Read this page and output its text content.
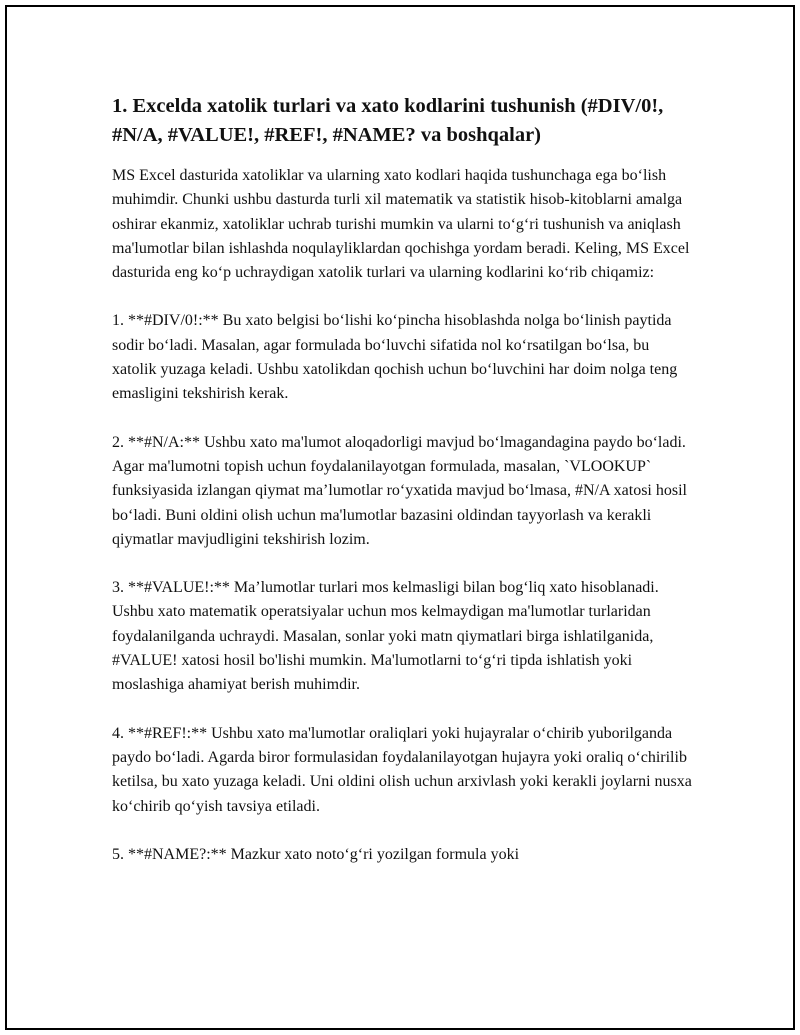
1. Excelda xatolik turlari va xato kodlarini tushunish (#DIV/0!, #N/A, #VALUE!, #REF!, #NAME? va boshqalar)

MS Excel dasturida xatoliklar va ularning xato kodlari haqida tushunchaga ega bo‘lish muhimdir. Chunki ushbu dasturda turli xil matematik va statistik hisob-kitoblarni amalga oshirar ekanmiz, xatoliklar uchrab turishi mumkin va ularni to‘g‘ri tushunish va aniqlash ma'lumotlar bilan ishlashda noqulayliklardan qochishga yordam beradi. Keling, MS Excel dasturida eng ko‘p uchraydigan xatolik turlari va ularning kodlarini ko‘rib chiqamiz:

1. **#DIV/0!:** Bu xato belgisi bo‘lishi ko‘pincha hisoblashda nolga bo‘linish paytida sodir bo‘ladi. Masalan, agar formulada bo‘luvchi sifatida nol ko‘rsatilgan bo‘lsa, bu xatolik yuzaga keladi. Ushbu xatolikdan qochish uchun bo‘luvchini har doim nolga teng emasligini tekshirish kerak.

2. **#N/A:** Ushbu xato ma'lumot aloqadorligi mavjud bo‘lmagandagina paydo bo‘ladi. Agar ma'lumotni topish uchun foydalanilayotgan formulada, masalan, `VLOOKUP` funksiyasida izlangan qiymat ma’lumotlar ro‘yxatida mavjud bo‘lmasa, #N/A xatosi hosil bo‘ladi. Buni oldini olish uchun ma'lumotlar bazasini oldindan tayyorlash va kerakli qiymatlar mavjudligini tekshirish lozim.

3. **#VALUE!:** Ma’lumotlar turlari mos kelmasligi bilan bog‘liq xato hisoblanadi. Ushbu xato matematik operatsiyalar uchun mos kelmaydigan ma'lumotlar turlaridan foydalanilganda uchraydi. Masalan, sonlar yoki matn qiymatlari birga ishlatilganida, #VALUE! xatosi hosil bo'lishi mumkin. Ma'lumotlarni to‘g‘ri tipda ishlatish yoki moslashiga ahamiyat berish muhimdir.

4. **#REF!:** Ushbu xato ma'lumotlar oraliqlari yoki hujayralar o‘chirib yuborilganda paydo bo‘ladi. Agarda biror formulasidan foydalanilayotgan hujayra yoki oraliq o‘chirilib ketilsa, bu xato yuzaga keladi. Uni oldini olish uchun arxivlash yoki kerakli joylarni nusxa ko‘chirib qo‘yish tavsiya etiladi.

5. **#NAME?:** Mazkur xato noto‘g‘ri yozilgan formula yoki
